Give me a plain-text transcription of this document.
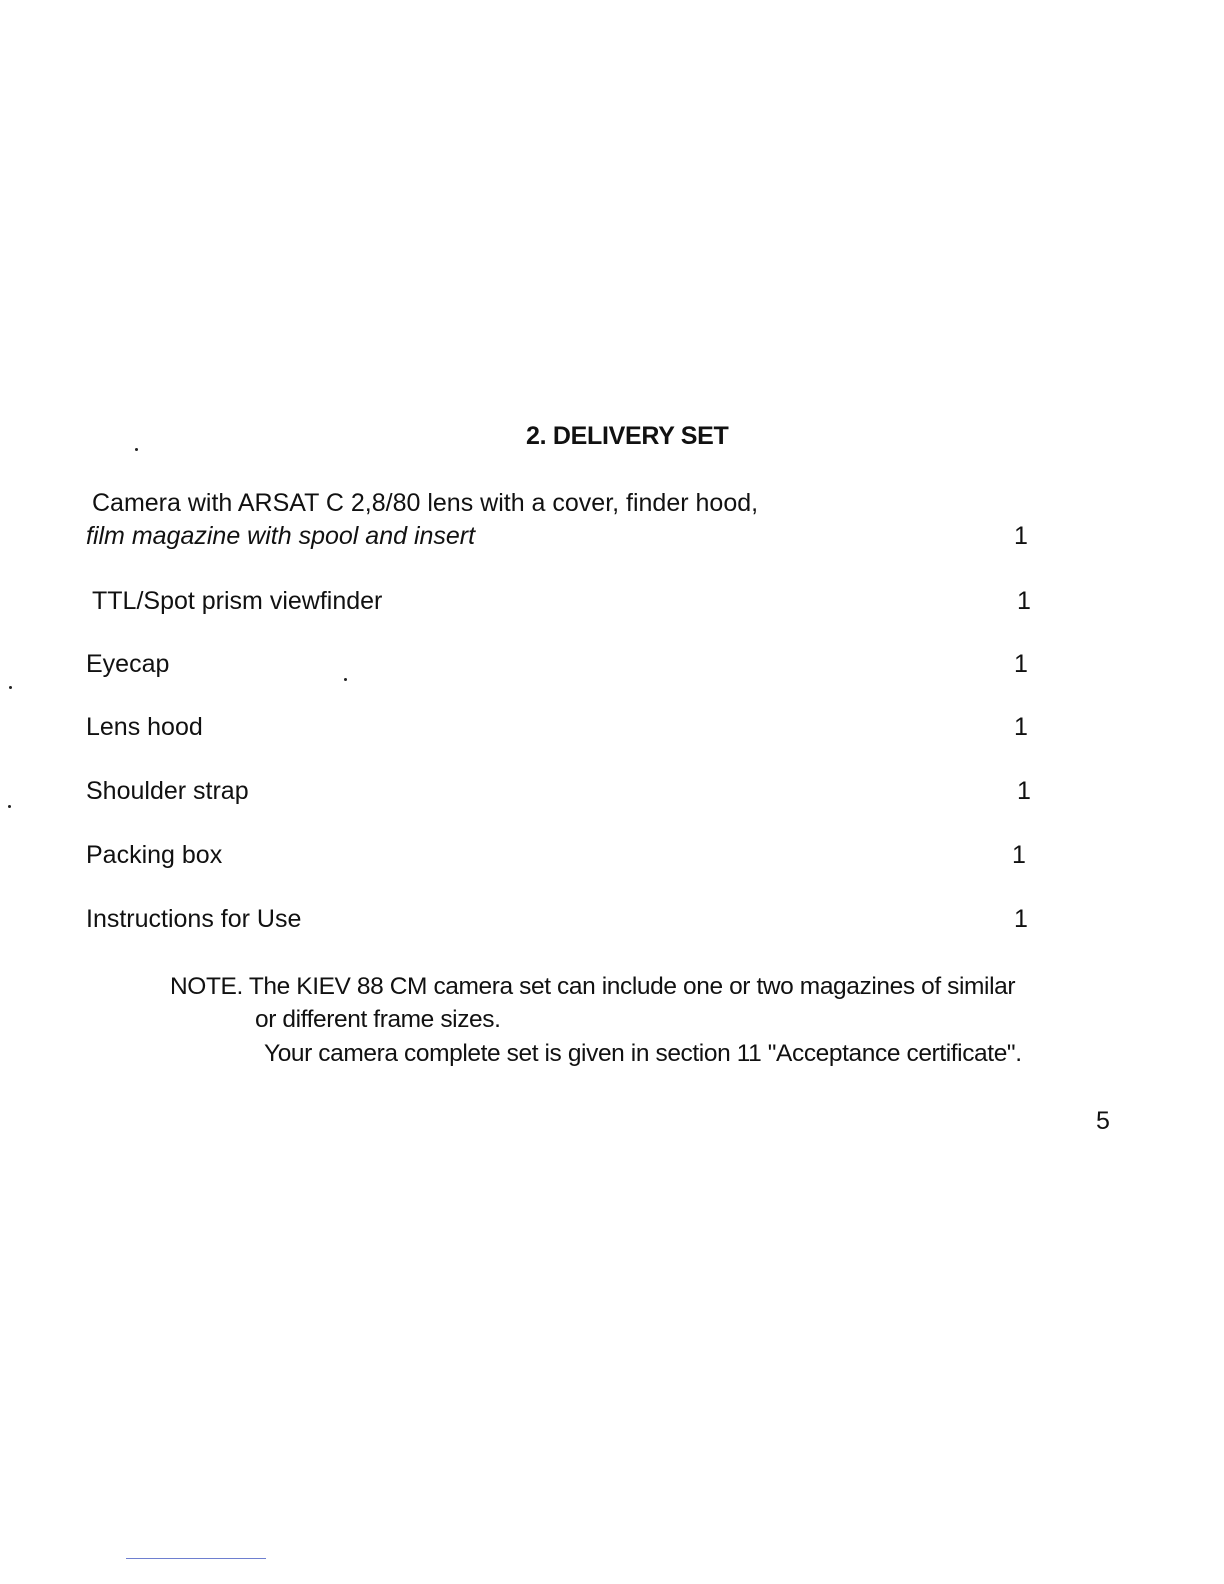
2. DELIVERY SET

Camera with ARSAT C 2,8/80 lens with a cover, finder hood,

film magazine with spool and insert	1

TTL/Spot prism viewfinder	1

Eyecap	1

Lens hood	1

Shoulder strap	1

Packing box	1

Instructions for Use	1

NOTE. The KIEV 88 CM camera set can include one or two magazines of similar

or different frame sizes.

Your camera complete set is given in section 11 "Acceptance certificate".

5
